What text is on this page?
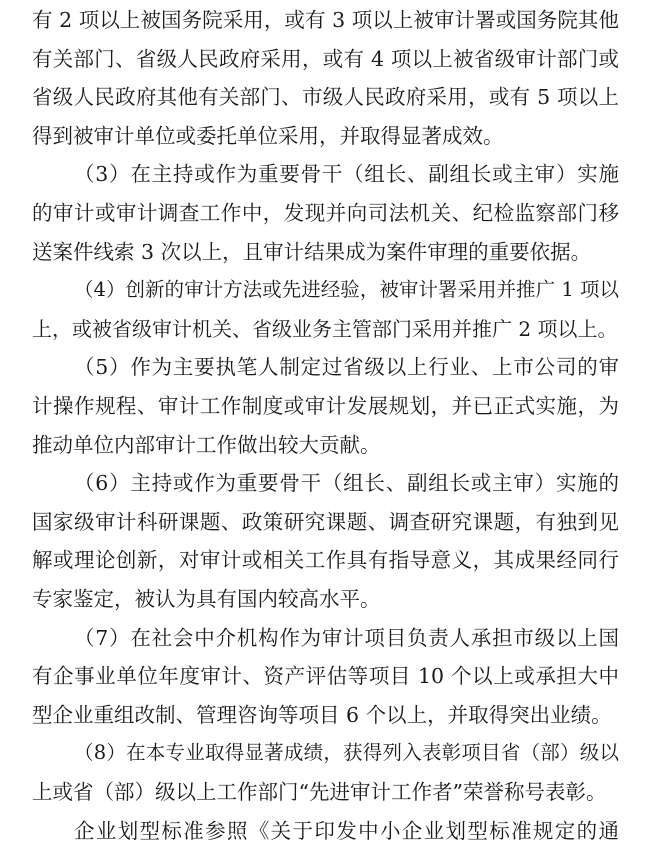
有 2 项以上被国务院采用，或有 3 项以上被审计署或国务院其他
有关部门、省级人民政府采用，或有 4 项以上被省级审计部门或
省级人民政府其他有关部门、市级人民政府采用，或有 5 项以上
得到被审计单位或委托单位采用，并取得显著成效。
（3）在主持或作为重要骨干（组长、副组长或主审）实施
的审计或审计调查工作中，发现并向司法机关、纪检监察部门移
送案件线索 3 次以上，且审计结果成为案件审理的重要依据。
（4）创新的审计方法或先进经验，被审计署采用并推广 1 项以
上，或被省级审计机关、省级业务主管部门采用并推广 2 项以上。
（5）作为主要执笔人制定过省级以上行业、上市公司的审
计操作规程、审计工作制度或审计发展规划，并已正式实施，为
推动单位内部审计工作做出较大贡献。
（6）主持或作为重要骨干（组长、副组长或主审）实施的
国家级审计科研课题、政策研究课题、调查研究课题，有独到见
解或理论创新，对审计或相关工作具有指导意义，其成果经同行
专家鉴定，被认为具有国内较高水平。
（7）在社会中介机构作为审计项目负责人承担市级以上国
有企事业单位年度审计、资产评估等项目 10 个以上或承担大中
型企业重组改制、管理咨询等项目 6 个以上，并取得突出业绩。
（8）在本专业取得显著成绩，获得列入表彰项目省（部）级以
上或省（部）级以上工作部门“先进审计工作者”荣誉称号表彰。
企业划型标准参照《关于印发中小企业划型标准规定的通
